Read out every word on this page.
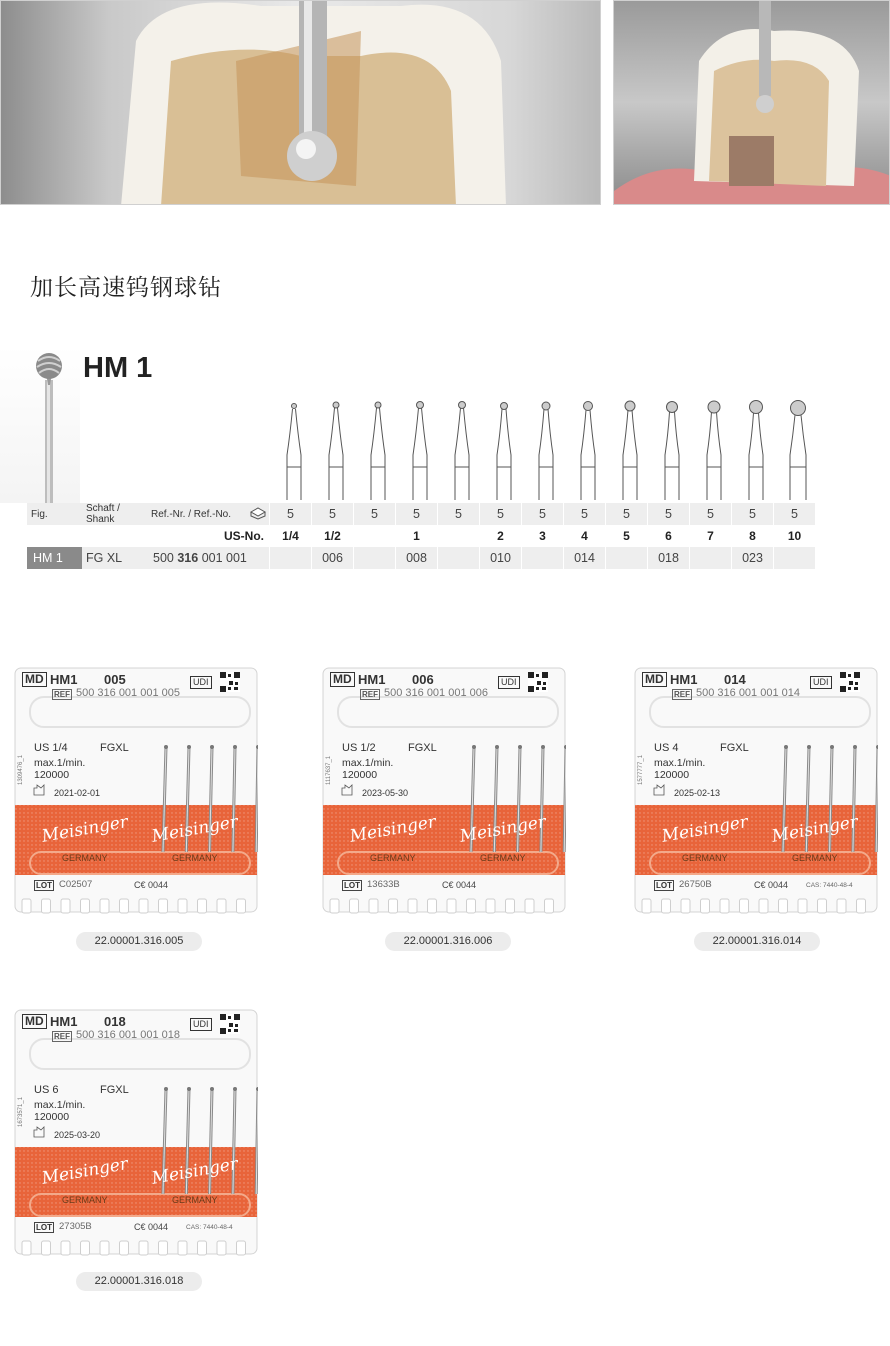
加长高速钨钢球钻
HM 1
Fig.	Schaft / Shank	Ref.-Nr. / Ref.-No.		5	5	5	5	5	5	5	5	5	5	5	5	5
US-No.				1/4	1/2		1		2	3	4	5	6	7	8	10
HM 1	FG XL	500 316 001 001			006		008		010		014		018		023	
MD HM1 005	UDI
REF 500 316 001 001 005
1309476_1
US 1/4	FGXL
max.1/min.
120000
2021-02-01
Meisinger Meisinger
GERMANY	GERMANY
LOT C02507	C€ 0044
22.00001.316.005
MD HM1 006	UDI
REF 500 316 001 001 006
1117637_1
US 1/2	FGXL
max.1/min.
120000
2023-05-30
Meisinger Meisinger
GERMANY	GERMANY
LOT 13633B	C€ 0044
22.00001.316.006
MD HM1 014	UDI
REF 500 316 001 001 014
1577777_1
US 4	FGXL
max.1/min.
120000
2025-02-13
Meisinger Meisinger
GERMANY	GERMANY
LOT 26750B	C€ 0044	CAS: 7440-48-4
22.00001.316.014
MD HM1 018	UDI
REF 500 316 001 001 018
1673571_1
US 6	FGXL
max.1/min.
120000
2025-03-20
Meisinger Meisinger
GERMANY	GERMANY
LOT 27305B	C€ 0044	CAS: 7440-48-4
22.00001.316.018
